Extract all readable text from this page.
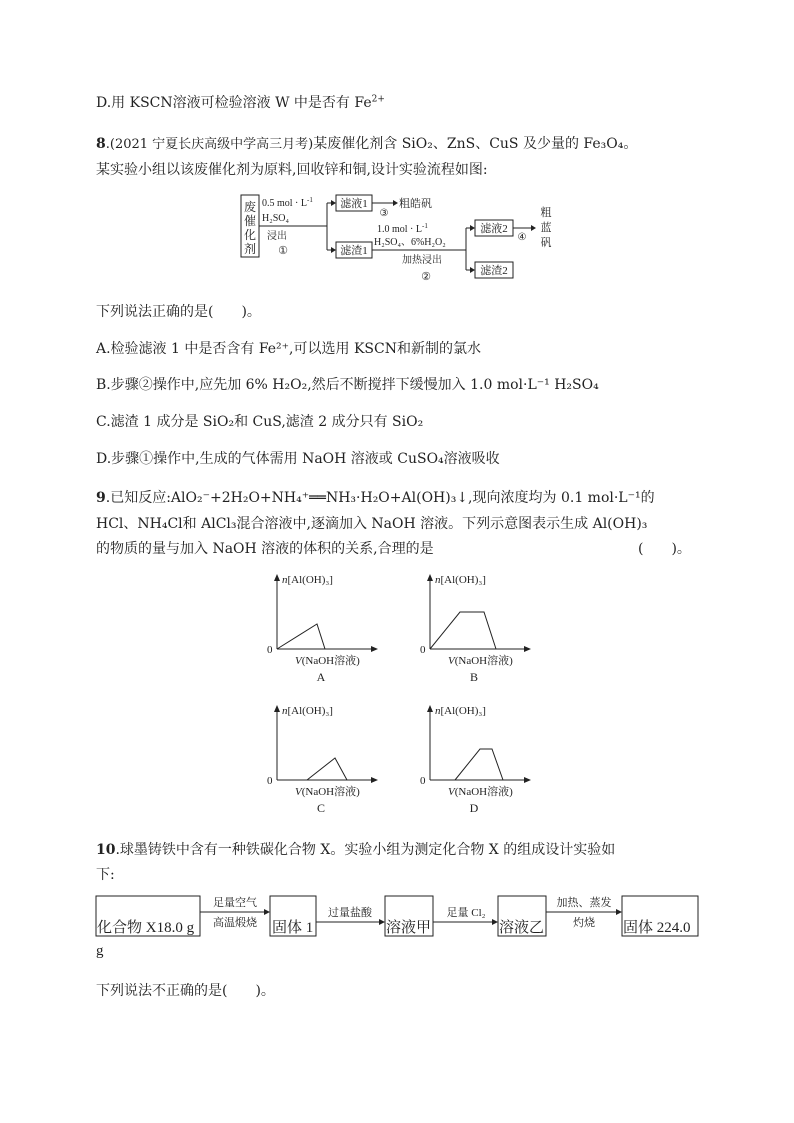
D.用 KSCN溶液可检验溶液 W 中是否有 $Fe^{2+}$
8.(2021 宁夏长庆高级中学高三月考)某废催化剂含 SiO₂、ZnS、CuS 及少量的 Fe₃O₄。
某实验小组以该废催化剂为原料,回收锌和铜,设计实验流程如图:
废
催
化
剂
0.5 mol · $L^{-1}$
H₂SO₄
浸出
①
滤液1
③
粗皓矾
滤渣1
1.0 mol · $L^{-1}$
H₂SO₄、6%H₂O₂
加热浸出
②
滤液2
④
粗
蓝
矾
滤渣2
下列说法正确的是(　　)。
A.检验滤液 1 中是否含有 Fe²⁺,可以选用 KSCN和新制的氯水
B.步骤②操作中,应先加 6% H₂O₂,然后不断搅拌下缓慢加入 1.0 mol·L⁻¹ H₂SO₄
C.滤渣 1 成分是 SiO₂和 CuS,滤渣 2 成分只有 SiO₂
D.步骤①操作中,生成的气体需用 NaOH 溶液或 CuSO₄溶液吸收
9.已知反应:AlO₂⁻+2H₂O+NH₄⁺══NH₃·H₂O+Al(OH)₃↓,现向浓度均为 0.1 mol·L⁻¹的
HCl、NH₄Cl和 AlCl₃混合溶液中,逐滴加入 NaOH 溶液。下列示意图表示生成 Al(OH)₃
的物质的量与加入 NaOH 溶液的体积的关系,合理的是	(　　)。
n[Al(OH)₃]
0
V(NaOH溶液)
A
n[Al(OH)₃]
0
V(NaOH溶液)
B
n[Al(OH)₃]
0
V(NaOH溶液)
C
n[Al(OH)₃]
0
V(NaOH溶液)
D
10.球墨铸铁中含有一种铁碳化合物 X。实验小组为测定化合物 X 的组成设计实验如
下:
化合物 X18.0 g
g
足量空气
高温煅烧 固体 1
过量盐酸
溶液甲
足量 Cl₂
溶液乙
加热、蒸发
灼烧 固体 224.0
下列说法不正确的是(　　)。
